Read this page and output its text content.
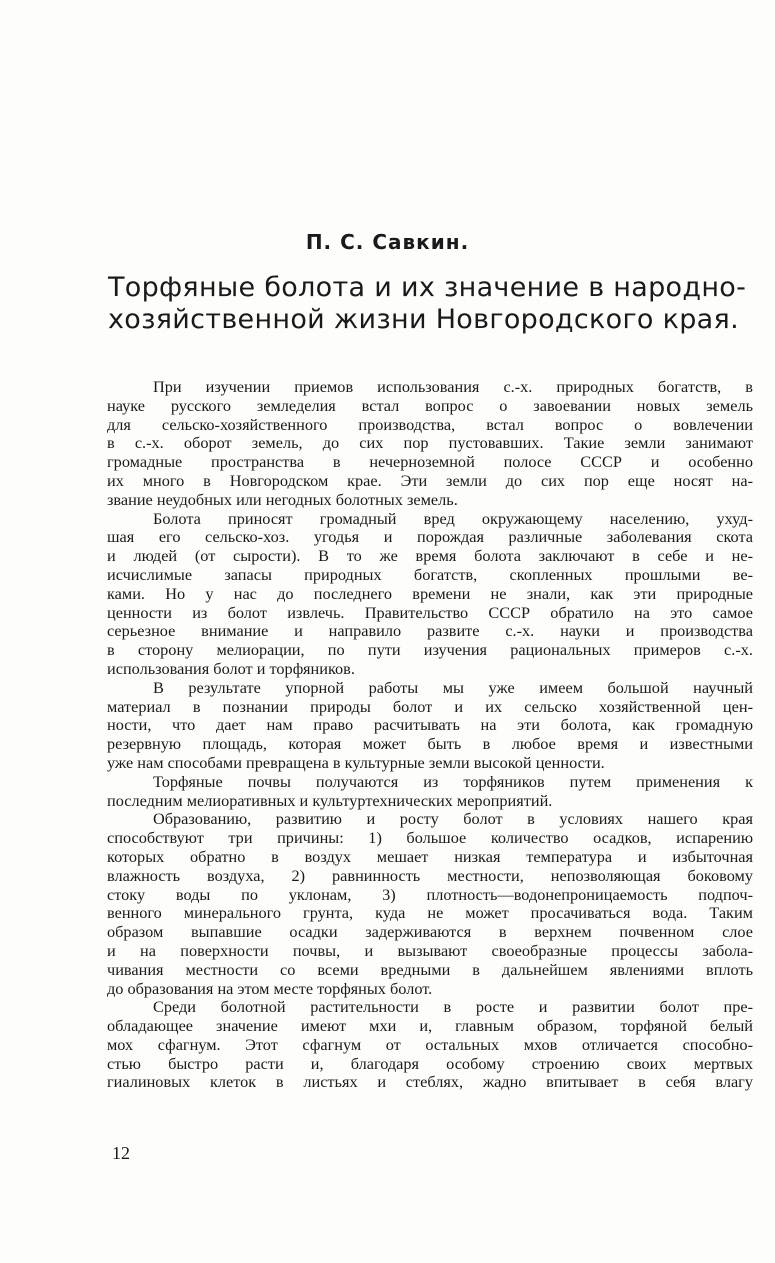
П. С. Савкин.
Торфяные болота и их значение в народно-
хозяйственной жизни Новгородского края.
При изучении приемов использования с.-х. природных богатств, в
науке русского земледелия встал вопрос о завоевании новых земель
для сельско-хозяйственного производства, встал вопрос о вовлечении
в с.-х. оборот земель, до сих пор пустовавших. Такие земли занимают
громадные пространства в нечерноземной полосе СССР и особенно
их много в Новгородском крае. Эти земли до сих пор еще носят на-
звание неудобных или негодных болотных земель.
Болота приносят громадный вред окружающему населению, ухуд-
шая его сельско-хоз. угодья и порождая различные заболевания скота
и людей (от сырости). В то же время болота заключают в себе и не-
исчислимые запасы природных богатств, скопленных прошлыми ве-
ками. Но у нас до последнего времени не знали, как эти природные
ценности из болот извлечь. Правительство СССР обратило на это самое
серьезное внимание и направило развите с.-х. науки и производства
в сторону мелиорации, по пути изучения рациональных примеров с.-х.
использования болот и торфяников.
В результате упорной работы мы уже имеем большой научный
материал в познании природы болот и их сельско хозяйственной цен-
ности, что дает нам право расчитывать на эти болота, как громадную
резервную площадь, которая может быть в любое время и известными
уже нам способами превращена в культурные земли высокой ценности.
Торфяные почвы получаются из торфяников путем применения к
последним мелиоративных и культуртехнических мероприятий.
Образованию, развитию и росту болот в условиях нашего края
способствуют три причины: 1) большое количество осадков, испарению
которых обратно в воздух мешает низкая температура и избыточная
влажность воздуха, 2) равнинность местности, непозволяющая боковому
стоку воды по уклонам, 3) плотность—водонепроницаемость подпоч-
венного минерального грунта, куда не может просачиваться вода. Таким
образом выпавшие осадки задерживаются в верхнем почвенном слое
и на поверхности почвы, и вызывают своеобразные процессы забола-
чивания местности со всеми вредными в дальнейшем явлениями вплоть
до образования на этом месте торфяных болот.
Среди болотной растительности в росте и развитии болот пре-
обладающее значение имеют мхи и, главным образом, торфяной белый
мох сфагнум. Этот сфагнум от остальных мхов отличается способно-
стью быстро расти и, благодаря особому строению своих мертвых
гиалиновых клеток в листьях и стеблях, жадно впитывает в себя влагу
12
